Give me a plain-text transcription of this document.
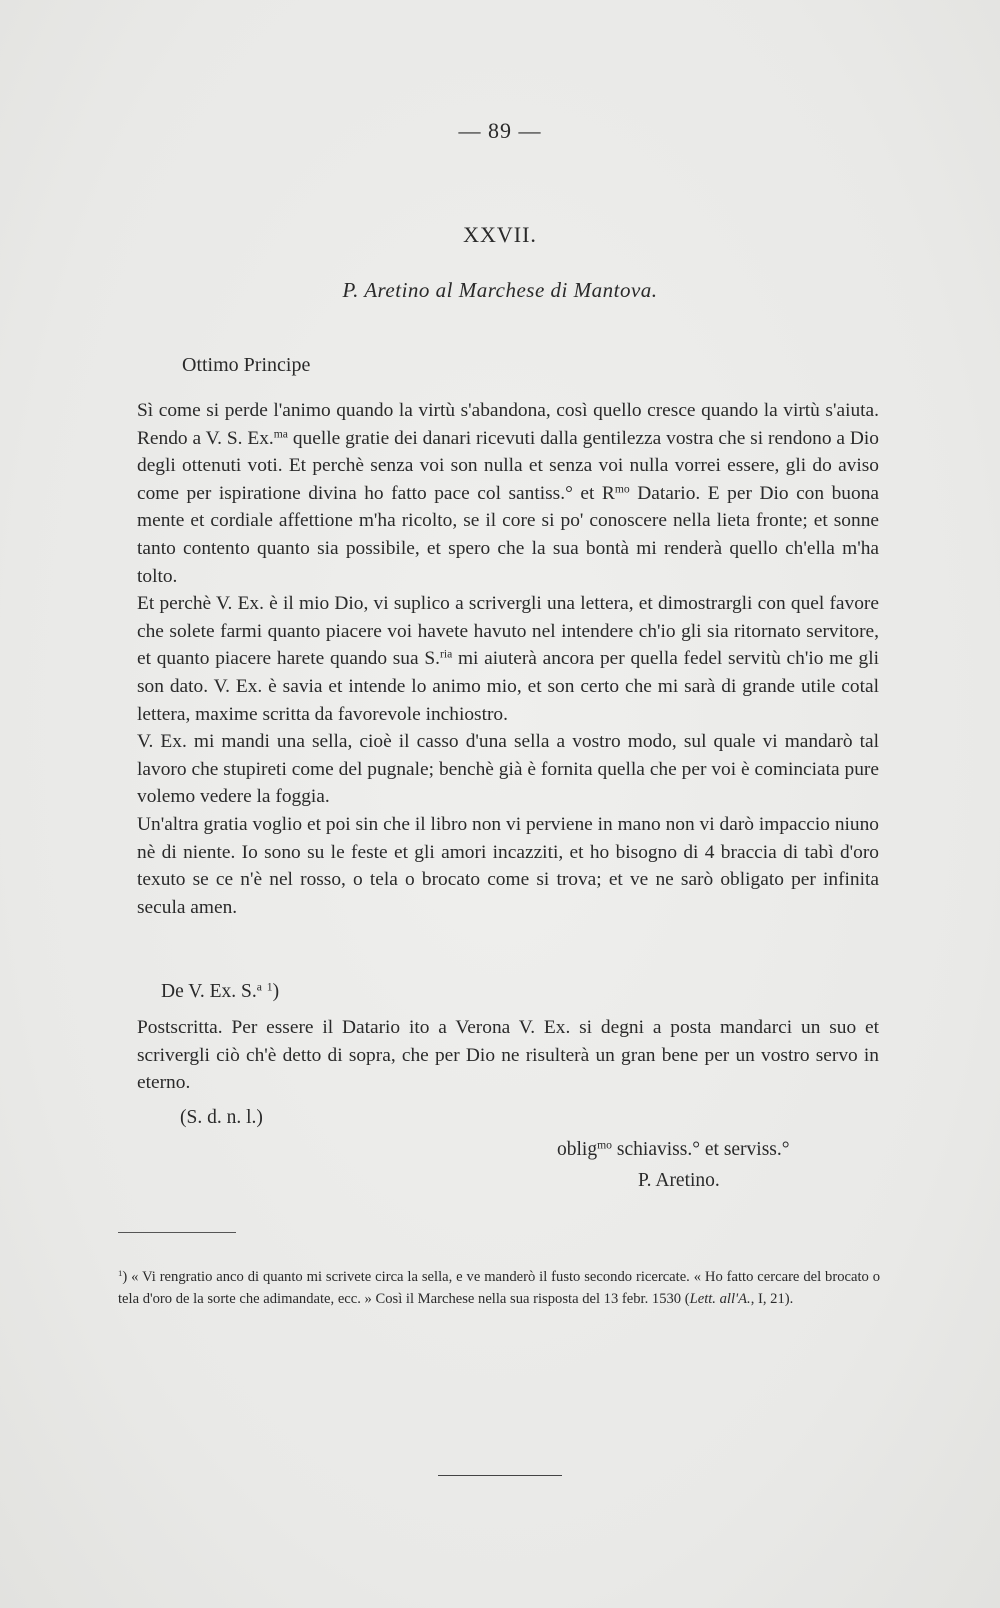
— 89 —
XXVII.
P. Aretino al Marchese di Mantova.
Ottimo Principe

Sì come si perde l'animo quando la virtù s'abandona, così quello cresce quando la virtù s'aiuta. Rendo a V. S. Ex.$^{ma}$ quelle gratie dei danari ricevuti dalla gentilezza vostra che si rendono a Dio degli ottenuti voti. Et perchè senza voi son nulla et senza voi nulla vorrei essere, gli do aviso come per ispiratione divina ho fatto pace col santiss.° et $R^{mo}$ Datario. E per Dio con buona mente et cordiale affettione m'ha ricolto, se il core si po' conoscere nella lieta fronte; et sonne tanto contento quanto sia possibile, et spero che la sua bontà mi renderà quello ch'ella m'ha tolto.

Et perchè V. Ex. è il mio Dio, vi suplico a scrivergli una lettera, et dimostrargli con quel favore che solete farmi quanto piacere voi havete havuto nel intendere ch'io gli sia ritornato servitore, et quanto piacere harete quando sua S.$^{ria}$ mi aiuterà ancora per quella fedel servitù ch'io me gli son dato. V. Ex. è savia et intende lo animo mio, et son certo che mi sarà di grande utile cotal lettera, maxime scritta da favorevole inchiostro.

V. Ex. mi mandi una sella, cioè il casso d'una sella a vostro modo, sul quale vi mandarò tal lavoro che stupireti come del pugnale; benchè già è fornita quella che per voi è cominciata pure volemo vedere la foggia.

Un'altra gratia voglio et poi sin che il libro non vi perviene in mano non vi darò impaccio niuno nè di niente. Io sono su le feste et gli amori incazziti, et ho bisogno di 4 braccia di tabì d'oro texuto se ce n'è nel rosso, o tela o brocato come si trova; et ve ne sarò obligato per infinita secula amen.

De V. Ex. S.$^a$ $^1$)
Postscritta. Per essere il Datario ito a Verona V. Ex. si degni a posta mandarci un suo et scrivergli ciò ch'è detto di sopra, che per Dio ne risulterà un gran bene per un vostro servo in eterno.
(S. d. n. l.)
oblig$^{mo}$ schiaviss.° et serviss.°
P. Aretino.

$^1$) « Vi rengratio anco di quanto mi scrivete circa la sella, e ve manderò il fusto secondo ricercate. « Ho fatto cercare del brocato o tela d'oro de la sorte che adimandate, ecc. » Così il Marchese nella sua risposta del 13 febr. 1530 (Lett. all'A., I, 21).
